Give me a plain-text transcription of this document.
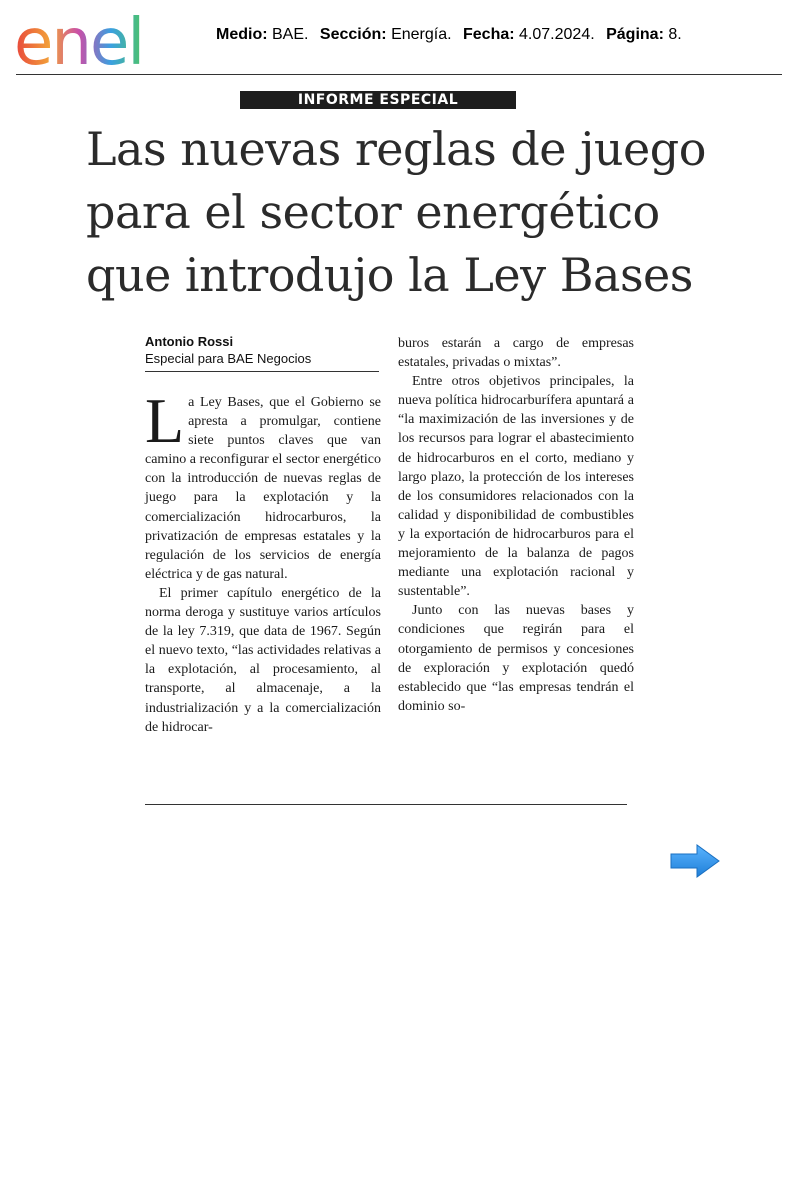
enel	Medio: BAE. Sección: Energía. Fecha: 4.07.2024. Página: 8.
INFORME ESPECIAL
Las nuevas reglas de juego
para el sector energético
que introdujo la Ley Bases
Antonio Rossi
Especial para BAE Negocios

La Ley Bases, que el Gobierno se apresta a promulgar, contiene siete puntos claves que van camino a reconfigurar el sector energético con la introducción de nuevas reglas de juego para la explotación y la comercialización hidrocarburos, la privatización de empresas estatales y la regulación de los servicios de energía eléctrica y de gas natural.

El primer capítulo energético de la norma deroga y sustituye varios artículos de la ley 7.319, que data de 1967. Según el nuevo texto, “las actividades relativas a la explotación, al procesamiento, al transporte, al almacenaje, a la industrialización y a la comercialización de hidrocar-

buros estarán a cargo de empresas estatales, privadas o mixtas”.

Entre otros objetivos principales, la nueva política hidrocarburífera apuntará a “la maximización de las inversiones y de los recursos para lograr el abastecimiento de hidrocarburos en el corto, mediano y largo plazo, la protección de los intereses de los consumidores relacionados con la calidad y disponibilidad de combustibles y la exportación de hidrocarburos para el mejoramiento de la balanza de pagos mediante una explotación racional y sustentable”.

Junto con las nuevas bases y condiciones que regirán para el otorgamiento de permisos y concesiones de exploración y explotación quedó establecido que “las empresas tendrán el dominio so-
